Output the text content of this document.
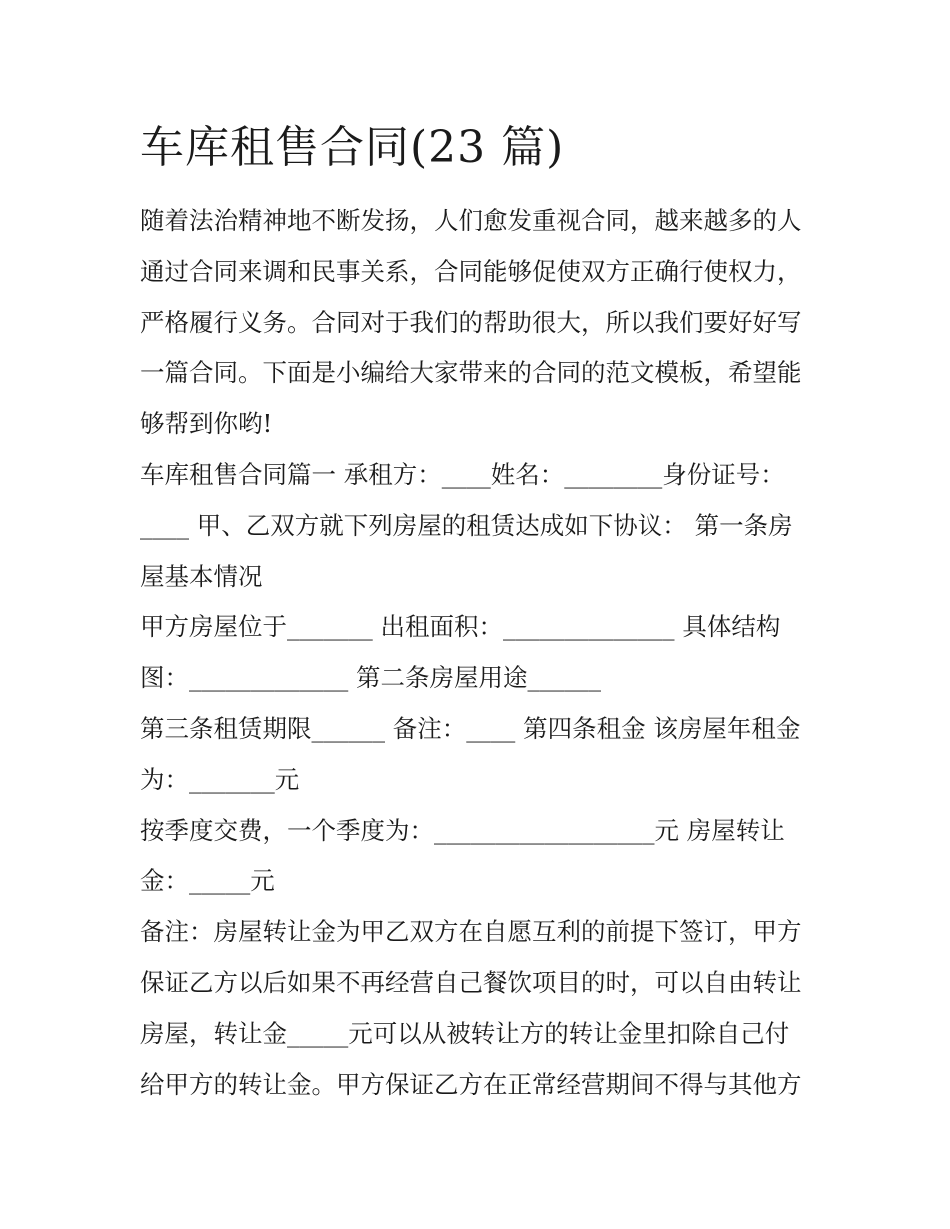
车库租售合同(23 篇)
随着法治精神地不断发扬，人们愈发重视合同，越来越多的人
通过合同来调和民事关系，合同能够促使双方正确行使权力，
严格履行义务。合同对于我们的帮助很大，所以我们要好好写
一篇合同。下面是小编给大家带来的合同的范文模板，希望能
够帮到你哟!
车库租售合同篇一 承租方：____姓名：________身份证号：
____ 甲、乙双方就下列房屋的租赁达成如下协议： 第一条房
屋基本情况
甲方房屋位于_______ 出租面积：______________ 具体结构
图：_____________ 第二条房屋用途______
第三条租赁期限______ 备注：____ 第四条租金 该房屋年租金
为：_______元
按季度交费，一个季度为：__________________元 房屋转让
金：_____元
备注：房屋转让金为甲乙双方在自愿互利的前提下签订，甲方
保证乙方以后如果不再经营自己餐饮项目的时，可以自由转让
房屋，转让金_____元可以从被转让方的转让金里扣除自己付
给甲方的转让金。甲方保证乙方在正常经营期间不得与其他方
